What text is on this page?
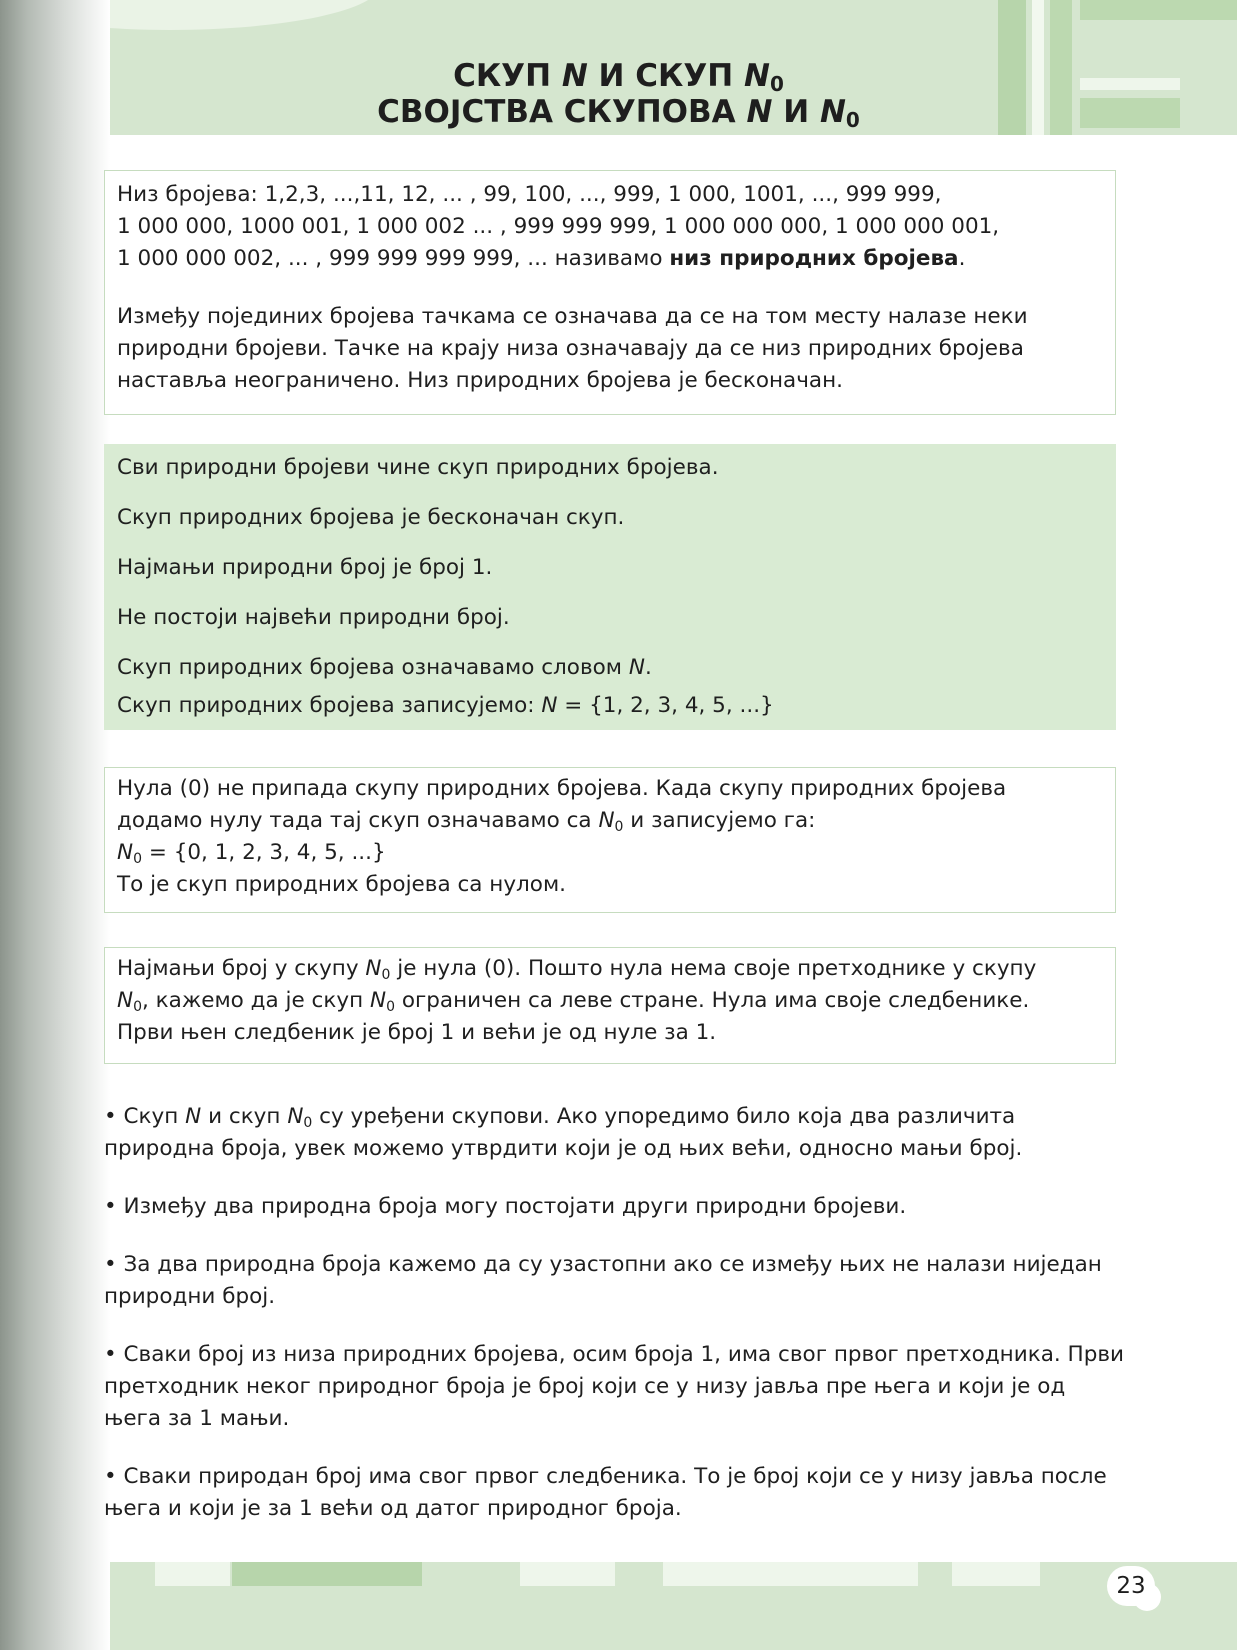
СКУП N И СКУП $N_0$
СВОЈСТВА СКУПОВА N И $N_0$

Низ бројева: 1,2,3, ...,11, 12, ... , 99, 100, ..., 999, 1 000, 1001, ..., 999 999,

1 000 000, 1000 001, 1 000 002 ... , 999 999 999, 1 000 000 000, 1 000 000 001,

1 000 000 002, ... , 999 999 999 999, ... називамо низ природних бројева.

Између појединих бројева тачкама се означава да се на том месту налазе неки природни бројеви. Тачке на крају низа означавају да се низ природних бројева наставља неограничено. Низ природних бројева је бесконачан.

Сви природни бројеви чине скуп природних бројева.

Скуп природних бројева је бесконачан скуп.

Најмањи природни број је број 1.

Не постоји највећи природни број.

Скуп природних бројева означавамо словом N.

Скуп природних бројева записујемо: N = {1, 2, 3, 4, 5, ...}

Нула (0) не припада скупу природних бројева. Када скупу природних бројева

додамо нулу тада тај скуп означавамо са $N_0$ и записујемо га:

$N_0 = \{0$, 1, 2, 3, 4, 5, ...}

То је скуп природних бројева са нулом.

Најмањи број у скупу $N_0$ је нула (0). Пошто нула нема своје претходнике у скупу

$N_0$, кажемо да је скуп $N_0$ ограничен са леве стране. Нула има своје следбенике.

Први њен следбеник је број 1 и већи је од нуле за 1.

• Скуп N и скуп $N_0$ су уређени скупови. Ако упоредимо било која два различита природна броја, увек можемо утврдити који је од њих већи, односно мањи број.

• Између два природна броја могу постојати други природни бројеви.

• За два природна броја кажемо да су узастопни ако се између њих не налази ниједан природни број.

• Сваки број из низа природних бројева, осим броја 1, има свог првог претходника. Први претходник неког природног броја је број који се у низу јавља пре њега и који је од њега за 1 мањи.

• Сваки природан број има свог првог следбеника. То је број који се у низу јавља после њега и који је за 1 већи од датог природног броја.

23
